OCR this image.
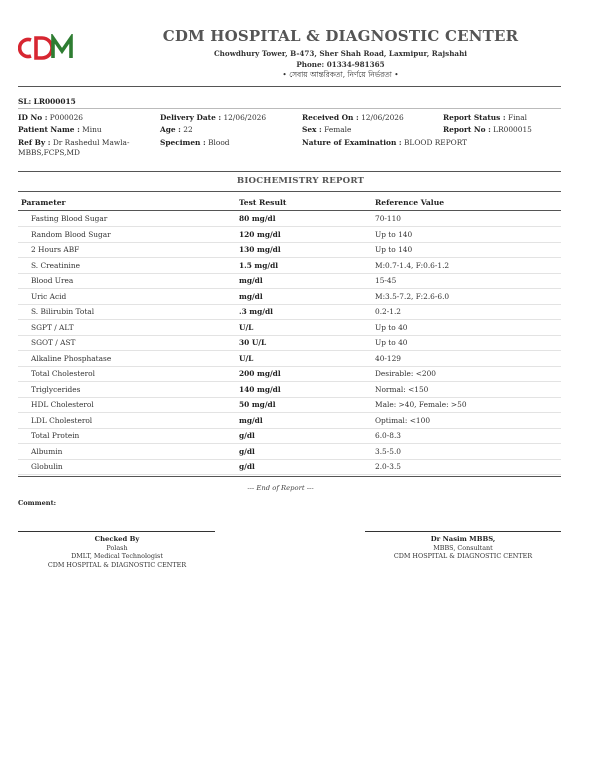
CDM HOSPITAL & DIAGNOSTIC CENTER
Chowdhury Tower, B-473, Sher Shah Road, Laxmipur, Rajshahi
Phone: 01334-981365
• সেবায় আন্তরিকতা, নির্ণয়ে নির্ভরতা •
SL: LR000015
ID No : P000026
Patient Name : Minu
Ref By : Dr Rashedul Mawla-
MBBS,FCPS,MD
Delivery Date : 12/06/2026
Age : 22
Specimen : Blood
Received On : 12/06/2026
Sex : Female
Nature of Examination : BLOOD REPORT
Report Status : Final
Report No : LR000015
BIOCHEMISTRY REPORT
Parameter	Test Result	Reference Value
Fasting Blood Sugar	80 mg/dl	70-110
Random Blood Sugar	120 mg/dl	Up to 140
2 Hours ABF	130 mg/dl	Up to 140
S. Creatinine	1.5 mg/dl	M:0.7-1.4, F:0.6-1.2
Blood Urea	mg/dl	15-45
Uric Acid	mg/dl	M:3.5-7.2, F:2.6-6.0
S. Bilirubin Total	.3 mg/dl	0.2-1.2
SGPT / ALT	U/L	Up to 40
SGOT / AST	30 U/L	Up to 40
Alkaline Phosphatase	U/L	40-129
Total Cholesterol	200 mg/dl	Desirable: <200
Triglycerides	140 mg/dl	Normal: <150
HDL Cholesterol	50 mg/dl	Male: >40, Female: >50
LDL Cholesterol	mg/dl	Optimal: <100
Total Protein	g/dl	6.0-8.3
Albumin	g/dl	3.5-5.0
Globulin	g/dl	2.0-3.5
--- End of Report ---
Comment:
Checked By
Polash
DMLT, Medical Technologist
CDM HOSPITAL & DIAGNOSTIC CENTER
Dr Nasim MBBS,
MBBS, Consultant
CDM HOSPITAL & DIAGNOSTIC CENTER
